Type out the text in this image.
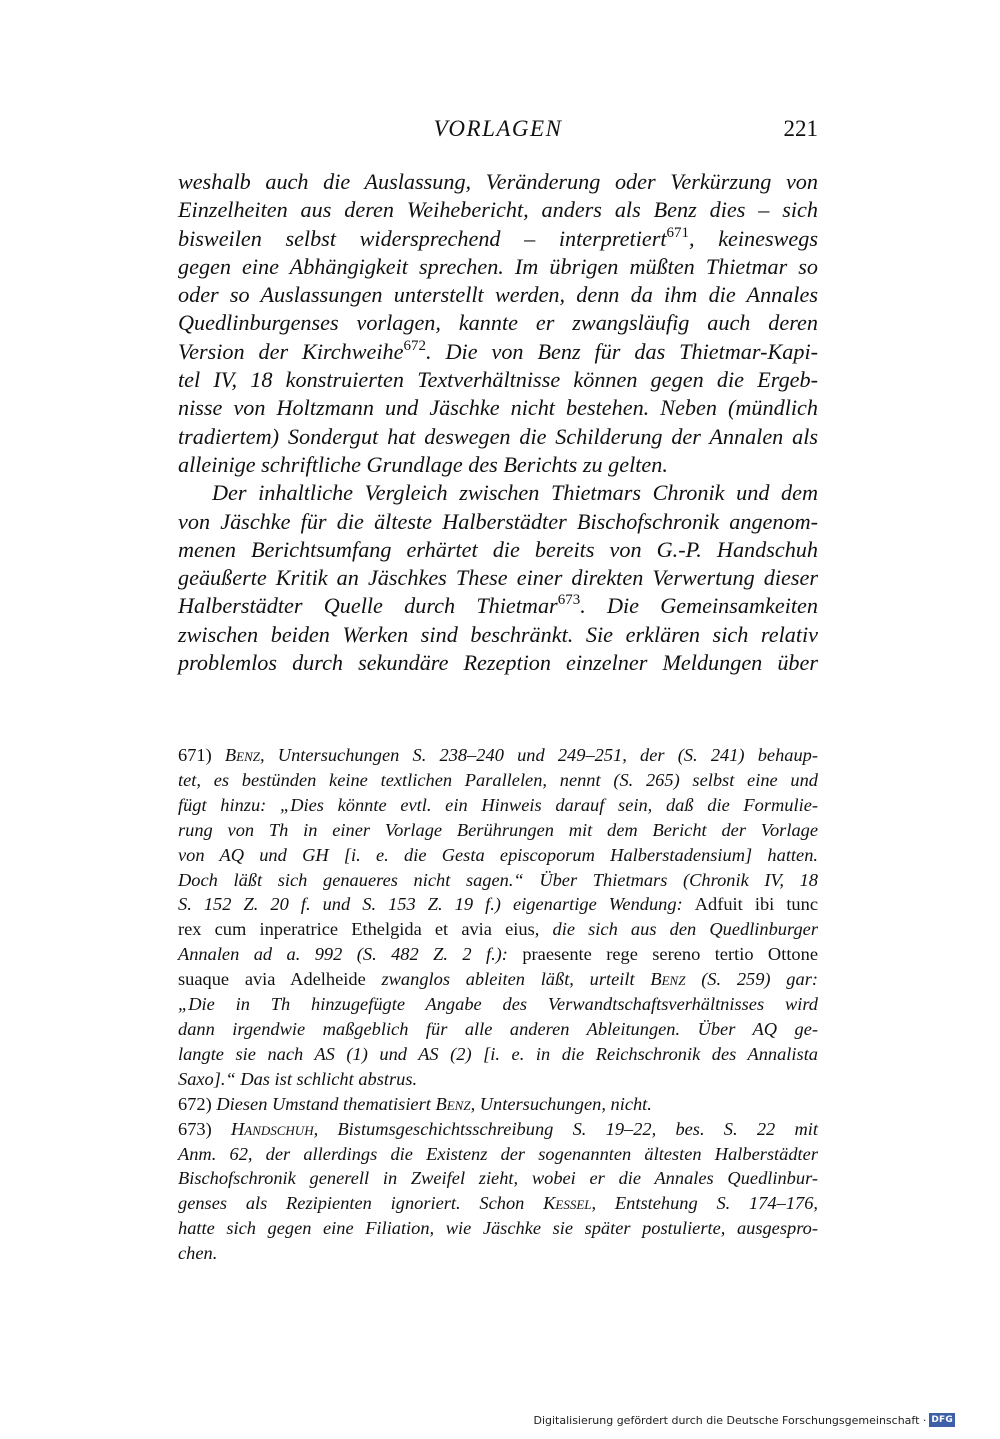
VORLAGEN	221
weshalb auch die Auslassung, Veränderung oder Verkürzung von
Einzelheiten aus deren Weihebericht, anders als Benz dies – sich
bisweilen selbst widersprechend – interpretiert$^{671}$, keineswegs
gegen eine Abhängigkeit sprechen. Im übrigen müßten Thietmar so
oder so Auslassungen unterstellt werden, denn da ihm die Annales
Quedlinburgenses vorlagen, kannte er zwangsläufig auch deren
Version der Kirchweihe$^{672}$. Die von Benz für das Thietmar-Kapi-
tel IV, 18 konstruierten Textverhältnisse können gegen die Ergeb-
nisse von Holtzmann und Jäschke nicht bestehen. Neben (mündlich
tradiertem) Sondergut hat deswegen die Schilderung der Annalen als
alleinige schriftliche Grundlage des Berichts zu gelten.
Der inhaltliche Vergleich zwischen Thietmars Chronik und dem
von Jäschke für die älteste Halberstädter Bischofschronik angenom-
menen Berichtsumfang erhärtet die bereits von G.-P. Handschuh
geäußerte Kritik an Jäschkes These einer direkten Verwertung dieser
Halberstädter Quelle durch Thietmar$^{673}$. Die Gemeinsamkeiten
zwischen beiden Werken sind beschränkt. Sie erklären sich relativ
problemlos durch sekundäre Rezeption einzelner Meldungen über
671) Benz, Untersuchungen S. 238–240 und 249–251, der (S. 241) behaup-
tet, es bestünden keine textlichen Parallelen, nennt (S. 265) selbst eine und
fügt hinzu: „Dies könnte evtl. ein Hinweis darauf sein, daß die Formulie-
rung von Th in einer Vorlage Berührungen mit dem Bericht der Vorlage
von AQ und GH [i. e. die Gesta episcoporum Halberstadensium] hatten.
Doch läßt sich genaueres nicht sagen.“ Über Thietmars (Chronik IV, 18
S. 152 Z. 20 f. und S. 153 Z. 19 f.) eigenartige Wendung: Adfuit ibi tunc
rex cum inperatrice Ethelgida et avia eius, die sich aus den Quedlinburger
Annalen ad a. 992 (S. 482 Z. 2 f.): praesente rege sereno tertio Ottone
suaque avia Adelheide zwanglos ableiten läßt, urteilt Benz (S. 259) gar:
„Die in Th hinzugefügte Angabe des Verwandtschaftsverhältnisses wird
dann irgendwie maßgeblich für alle anderen Ableitungen. Über AQ ge-
langte sie nach AS (1) und AS (2) [i. e. in die Reichschronik des Annalista
Saxo].“ Das ist schlicht abstrus.
672) Diesen Umstand thematisiert Benz, Untersuchungen, nicht.
673) Handschuh, Bistumsgeschichtsschreibung S. 19–22, bes. S. 22 mit
Anm. 62, der allerdings die Existenz der sogenannten ältesten Halberstädter
Bischofschronik generell in Zweifel zieht, wobei er die Annales Quedlinbur-
genses als Rezipienten ignoriert. Schon Kessel, Entstehung S. 174–176,
hatte sich gegen eine Filiation, wie Jäschke sie später postulierte, ausgespro-
chen.
Digitalisierung gefördert durch die Deutsche Forschungsgemeinschaft · DFG
